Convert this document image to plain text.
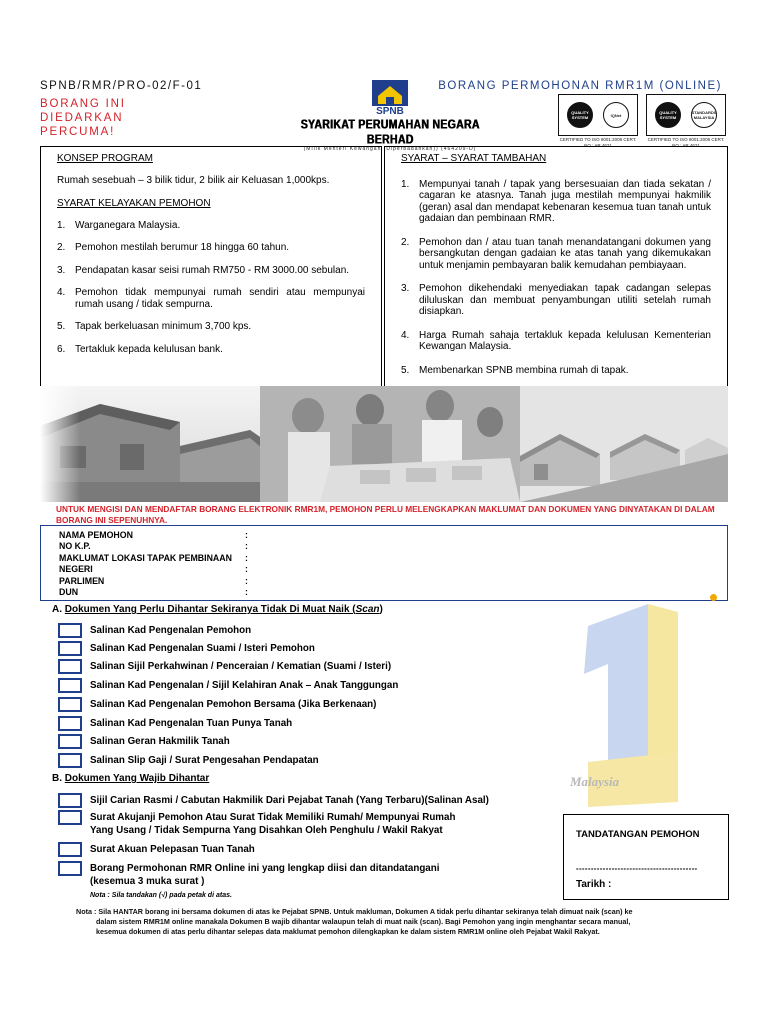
SPNB/RMR/PRO-02/F-01
BORANG INI
DIEDARKAN
PERCUMA!
BORANG PERMOHONAN RMR1M (ONLINE)
SPNB
SYARIKAT PERUMAHAN NEGARA BERHAD
(Milik Menteri Kewangan (Diperbadankan)) (464209-D)
QUALITY SYSTEM	IQNet
CERTIFIED TO ISO 9001:2008 CERT. NO.: AR 4621
QUALITY SYSTEM
STANDARDS MALAYSIA
CERTIFIED TO ISO 9001:2008 CERT. NO.: AR 4621
KONSEP PROGRAM

Rumah sesebuah – 3 bilik tidur, 2 bilik air Keluasan 1,000kps.

SYARAT KELAYAKAN PEMOHON
1. Warganegara Malaysia.
2. Pemohon mestilah berumur 18 hingga 60 tahun.
3. Pendapatan kasar seisi rumah RM750 - RM 3000.00 sebulan.
4. Pemohon tidak mempunyai rumah sendiri atau mempunyai rumah usang / tidak sempurna.
5. Tapak berkeluasan minimum 3,700 kps.
6. Tertakluk kepada kelulusan bank.
SYARAT – SYARAT TAMBAHAN
1. Mempunyai tanah / tapak yang bersesuaian dan tiada sekatan / cagaran ke atasnya. Tanah juga mestilah mempunyai hakmilik (geran) asal dan mendapat kebenaran kesemua tuan tanah untuk gadaian dan pembinaan RMR.
2. Pemohon dan / atau tuan tanah menandatangani dokumen yang bersangkutan dengan gadaian ke atas tanah yang dikemukakan untuk menjamin pembayaran balik kemudahan pembiayaan.
3. Pemohon dikehendaki menyediakan tapak cadangan selepas diluluskan dan membuat penyambungan utiliti setelah rumah disiapkan.
4. Harga Rumah sahaja tertakluk kepada kelulusan Kementerian Kewangan Malaysia.
5. Membenarkan SPNB membina rumah di tapak.
UNTUK MENGISI DAN MENDAFTAR BORANG ELEKTRONIK RMR1M, PEMOHON PERLU MELENGKAPKAN MAKLUMAT DAN DOKUMEN YANG DINYATAKAN DI DALAM BORANG INI SEPENUHNYA.
NAMA PEMOHON	:
NO K.P.	:
MAKLUMAT LOKASI TAPAK PEMBINAAN	:
NEGERI	:
PARLIMEN	:
DUN	:
Malaysia
A. Dokumen Yang Perlu Dihantar Sekiranya Tidak Di Muat Naik (Scan)
Salinan Kad Pengenalan Pemohon
Salinan Kad Pengenalan Suami / Isteri Pemohon
Salinan Sijil Perkahwinan / Penceraian / Kematian (Suami / Isteri)
Salinan Kad Pengenalan / Sijil Kelahiran Anak – Anak Tanggungan
Salinan Kad Pengenalan Pemohon Bersama (Jika Berkenaan)
Salinan Kad Pengenalan Tuan Punya Tanah
Salinan Geran Hakmilik Tanah
Salinan Slip Gaji / Surat Pengesahan Pendapatan
B. Dokumen Yang Wajib Dihantar
Sijil Carian Rasmi / Cabutan Hakmilik Dari Pejabat Tanah (Yang Terbaru)(Salinan Asal)
Surat Akujanji Pemohon Atau Surat Tidak Memiliki Rumah/ Mempunyai Rumah
Yang Usang / Tidak Sempurna Yang Disahkan Oleh Penghulu / Wakil Rakyat
Surat Akuan Pelepasan Tuan Tanah
Borang Permohonan RMR Online ini yang lengkap diisi dan ditandatangani
(kesemua 3 muka surat )
Nota : Sila tandakan (√) pada petak di atas.
TANDATANGAN PEMOHON
-----------------------------------------
Tarikh :
Nota : Sila HANTAR borang ini bersama dokumen di atas ke Pejabat SPNB. Untuk makluman, Dokumen A tidak perlu dihantar sekiranya telah dimuat naik (scan) ke
dalam sistem RMR1M online manakala Dokumen B wajib dihantar walaupun telah di muat naik (scan). Bagi Pemohon yang ingin menghantar secara manual,
kesemua dokumen di atas perlu dihantar selepas data maklumat pemohon dilengkapkan ke dalam sistem RMR1M online oleh Pejabat Wakil Rakyat.
